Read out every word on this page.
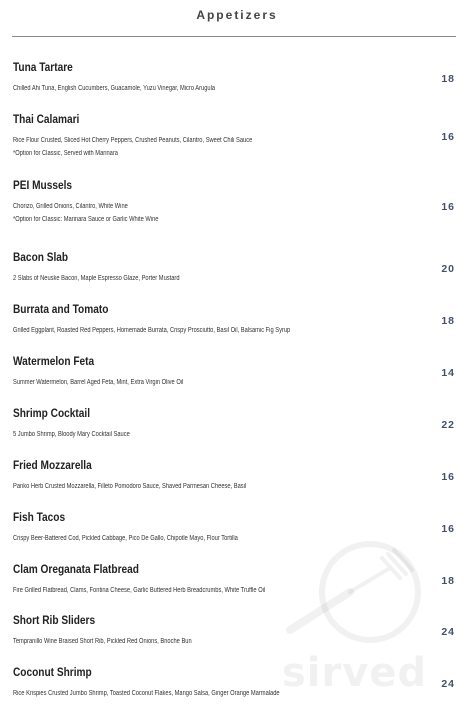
Appetizers
Tuna Tartare
Chilled Ahi Tuna, English Cucumbers, Guacamole, Yuzu Vinegar, Micro Arugula
18
Thai Calamari
Rice Flour Crusted, Sliced Hot Cherry Peppers, Crushed Peanuts, Cilantro, Sweet Chili Sauce
*Option for Classic, Served with Marinara
16
PEI Mussels
Chorizo, Grilled Onions, Cilantro, White Wine
*Option for Classic: Marinara Sauce or Garlic White Wine
16
Bacon Slab
2 Slabs of Neuske Bacon, Maple Espresso Glaze, Porter Mustard
20
Burrata and Tomato
Grilled Eggplant, Roasted Red Peppers, Homemade Burrata, Crispy Prosciutto, Basil Oil, Balsamic Fig Syrup
18
Watermelon Feta
Summer Watermelon, Barrel Aged Feta, Mint, Extra Virgin Olive Oil
14
Shrimp Cocktail
5 Jumbo Shrimp, Bloody Mary Cocktail Sauce
22
Fried Mozzarella
Panko Herb Crusted Mozzarella, Filleto Pomodoro Sauce, Shaved Parmesan Cheese, Basil
16
Fish Tacos
Crispy Beer-Battered Cod, Pickled Cabbage, Pico De Gallo, Chipotle Mayo, Flour Tortilla
16
Clam Oreganata Flatbread
Fire Grilled Flatbread, Clams, Fontina Cheese, Garlic Buttered Herb Breadcrumbs, White Truffle Oil
18
Short Rib Sliders
Tempranillo Wine Braised Short Rib, Pickled Red Onions, Brioche Bun
24
Coconut Shrimp
Rice Krispies Crusted Jumbo Shrimp, Toasted Coconut Flakes, Mango Salsa, Ginger Orange Marmalade
24
sirved
